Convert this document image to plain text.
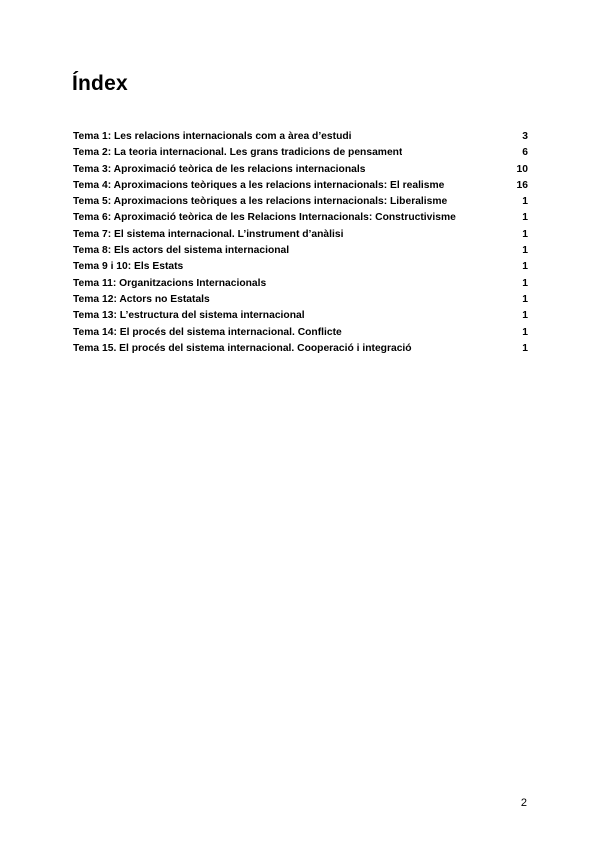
Índex
Tema 1: Les relacions internacionals com a àrea d’estudi	3
Tema 2: La teoria internacional. Les grans tradicions de pensament	6
Tema 3: Aproximació teòrica de les relacions internacionals	10
Tema 4: Aproximacions teòriques a les relacions internacionals: El realisme	16
Tema 5: Aproximacions teòriques a les relacions internacionals: Liberalisme	1
Tema 6: Aproximació teòrica de les Relacions Internacionals: Constructivisme	1
Tema 7: El sistema internacional. L’instrument d’anàlisi	1
Tema 8: Els actors del sistema internacional	1
Tema 9 i 10: Els Estats	1
Tema 11: Organitzacions Internacionals	1
Tema 12: Actors no Estatals	1
Tema 13: L’estructura del sistema internacional	1
Tema 14: El procés del sistema internacional. Conflicte	1
Tema 15. El procés del sistema internacional. Cooperació i integració	1
2
